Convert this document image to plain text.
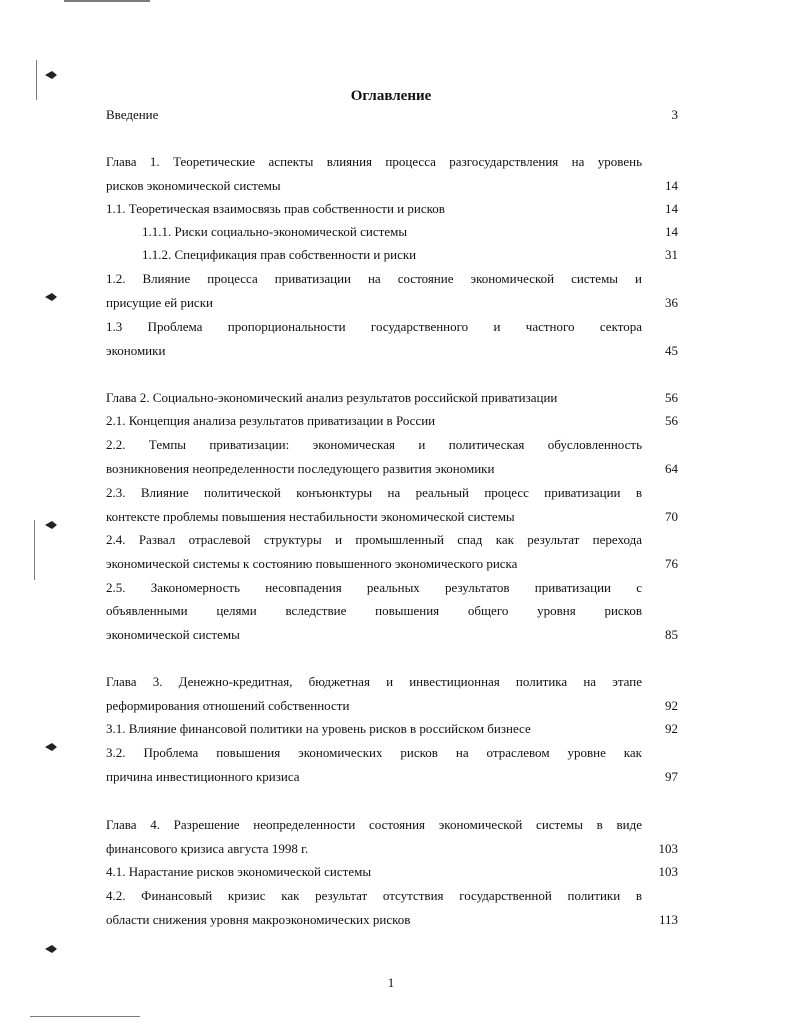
Оглавление
Введение	3
Глава 1. Теоретические аспекты влияния процесса разгосударствления на уровень
рисков экономической системы	14
1.1. Теоретическая взаимосвязь прав собственности и рисков	14
1.1.1. Риски социально-экономической системы	14
1.1.2. Спецификация прав собственности и риски	31
1.2. Влияние процесса приватизации на состояние экономической системы и
присущие ей риски	36
1.3 Проблема пропорциональности государственного и частного сектора
экономики	45
Глава 2. Социально-экономический анализ результатов российской приватизации	56
2.1. Концепция анализа результатов приватизации в России	56
2.2. Темпы приватизации: экономическая и политическая обусловленность
возникновения неопределенности последующего развития экономики	64
2.3. Влияние политической конъюнктуры на реальный процесс приватизации в
контексте проблемы повышения нестабильности экономической системы	70
2.4. Развал отраслевой структуры и промышленный спад как результат перехода
экономической системы к состоянию повышенного экономического риска	76
2.5. Закономерность несовпадения реальных результатов приватизации с
объявленными целями вследствие повышения общего уровня рисков
экономической системы	85
Глава 3. Денежно-кредитная, бюджетная и инвестиционная политика на этапе
реформирования отношений собственности	92
3.1. Влияние финансовой политики на уровень рисков в российском бизнесе	92
3.2. Проблема повышения экономических рисков на отраслевом уровне как
причина инвестиционного кризиса	97
Глава 4. Разрешение неопределенности состояния экономической системы в виде
финансового кризиса августа 1998 г.	103
4.1. Нарастание рисков экономической системы	103
4.2. Финансовый кризис как результат отсутствия государственной политики в
области снижения уровня макроэкономических рисков	113
1
